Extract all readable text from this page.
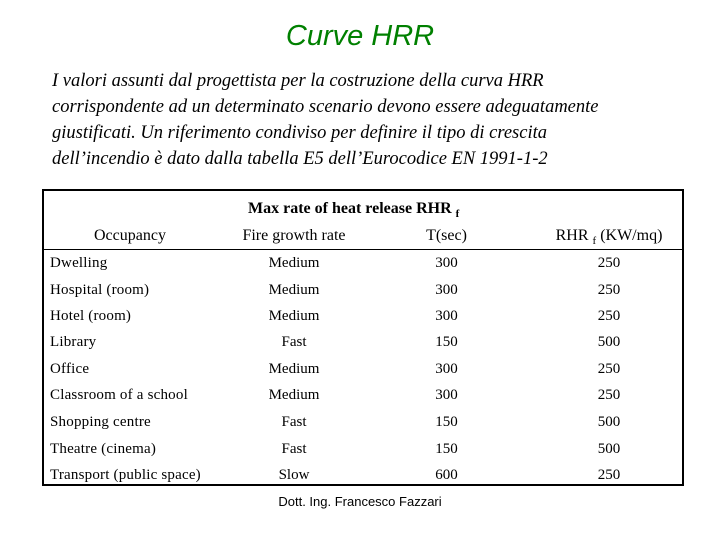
Curve HRR
I valori assunti dal progettista per la costruzione della curva HRR
corrispondente ad un determinato scenario devono essere adeguatamente
giustificati. Un riferimento condiviso per definire il tipo di crescita
dell’incendio è dato dalla tabella E5 dell’Eurocodice EN 1991-1-2
Max rate of heat release RHR $_f$
Occupancy	Fire growth rate	T(sec)	RHR $_f$ (KW/mq)
Dwelling	Medium	300	250
Hospital (room)	Medium	300	250
Hotel (room)	Medium	300	250
Library	Fast	150	500
Office	Medium	300	250
Classroom of a school	Medium	300	250
Shopping centre	Fast	150	500
Theatre (cinema)	Fast	150	500
Transport (public space)	Slow	600	250
Dott. Ing. Francesco Fazzari
